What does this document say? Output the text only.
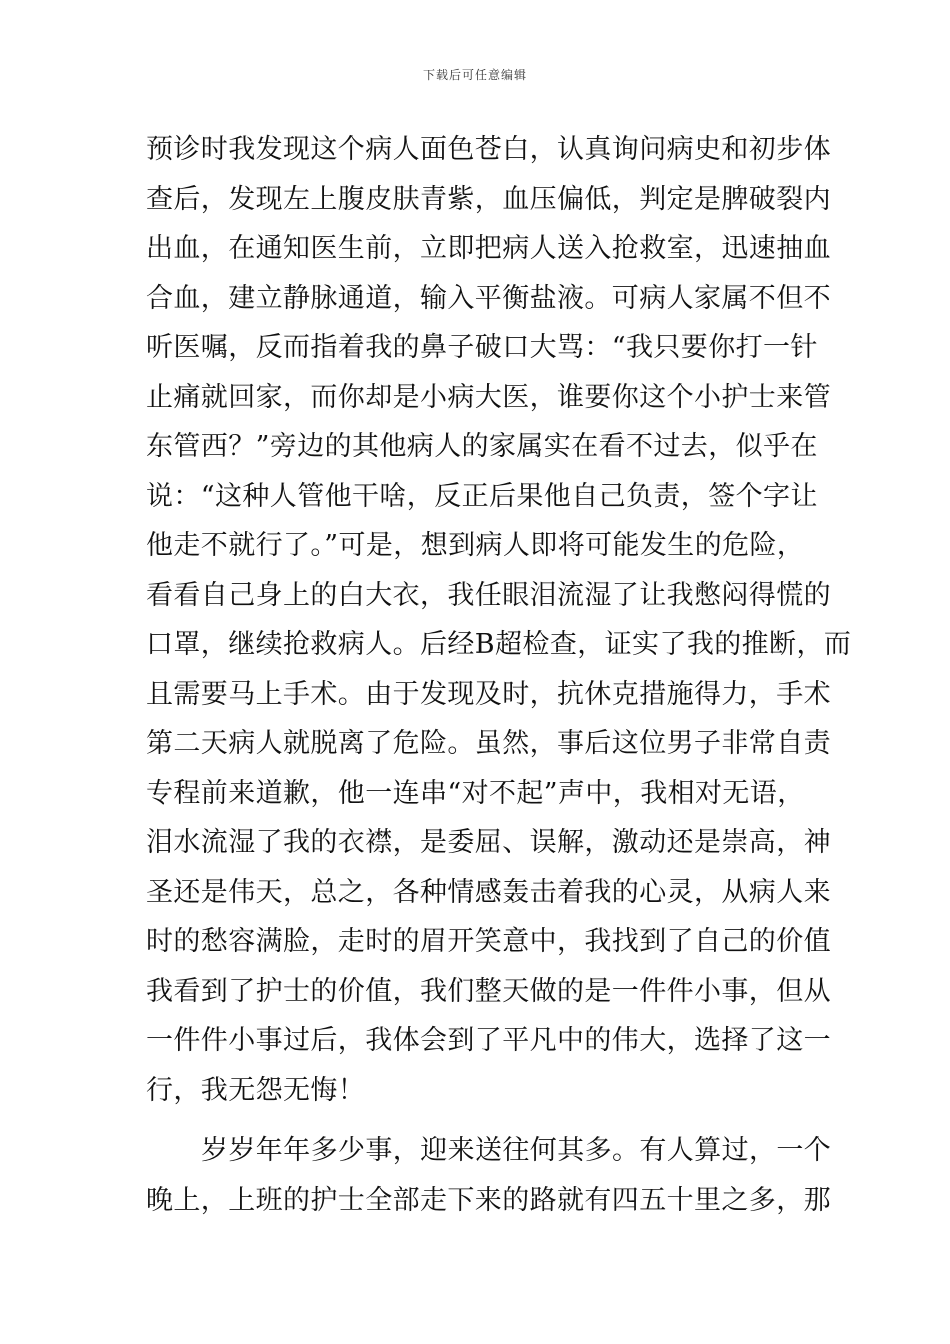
下载后可任意编辑
预诊时我发现这个病人面色苍白，认真询问病史和初步体
查后，发现左上腹皮肤青紫，血压偏低，判定是脾破裂内
出血，在通知医生前，立即把病人送入抢救室，迅速抽血
合血，建立静脉通道，输入平衡盐液。可病人家属不但不
听医嘱，反而指着我的鼻子破口大骂：“我只要你打一针
止痛就回家，而你却是小病大医，谁要你这个小护士来管
东管西？”旁边的其他病人的家属实在看不过去，似乎在
说：“这种人管他干啥，反正后果他自己负责，签个字让
他走不就行了。”可是，想到病人即将可能发生的危险，
看看自己身上的白大衣，我任眼泪流湿了让我憋闷得慌的
口罩，继续抢救病人。后经B超检查，证实了我的推断，而
且需要马上手术。由于发现及时，抗休克措施得力，手术
第二天病人就脱离了危险。虽然，事后这位男子非常自责
专程前来道歉，他一连串“对不起”声中，我相对无语，
泪水流湿了我的衣襟，是委屈、误解，激动还是崇高，神
圣还是伟天，总之，各种情感轰击着我的心灵，从病人来
时的愁容满脸，走时的眉开笑意中，我找到了自己的价值
我看到了护士的价值，我们整天做的是一件件小事，但从
一件件小事过后，我体会到了平凡中的伟大，选择了这一
行，我无怨无悔！
岁岁年年多少事，迎来送往何其多。有人算过，一个
晚上，上班的护士全部走下来的路就有四五十里之多，那
